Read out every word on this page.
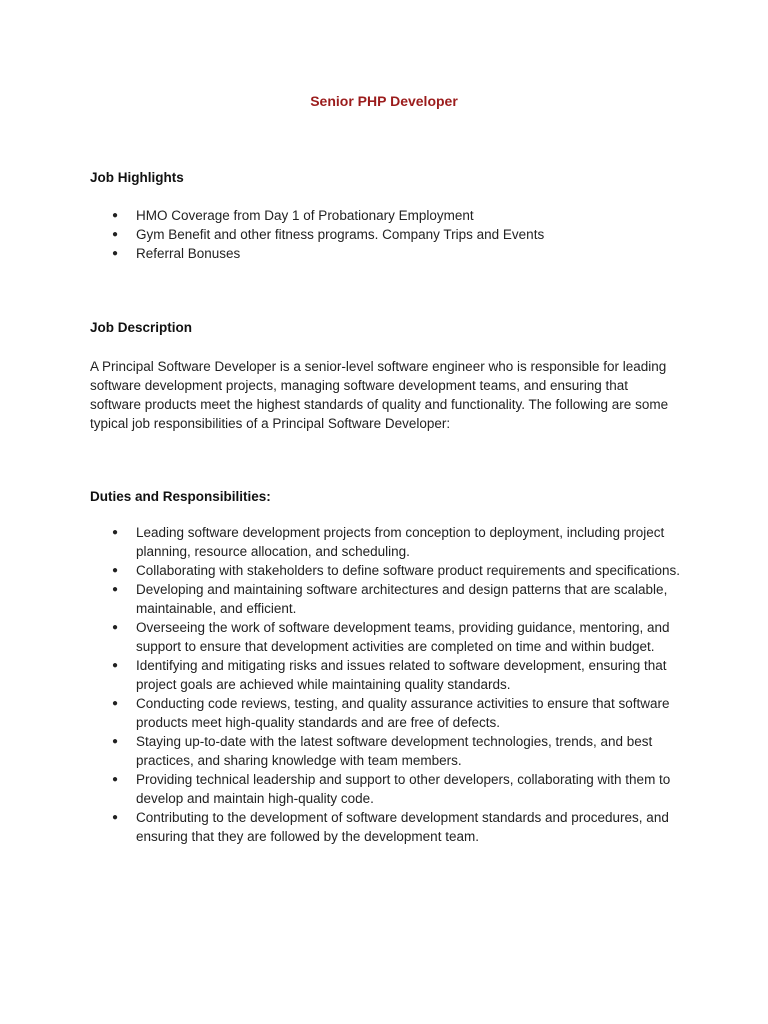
Senior PHP Developer
Job Highlights
● HMO Coverage from Day 1 of Probationary Employment
● Gym Benefit and other fitness programs. Company Trips and Events
● Referral Bonuses
Job Description

A Principal Software Developer is a senior-level software engineer who is responsible for leading software development projects, managing software development teams, and ensuring that software products meet the highest standards of quality and functionality. The following are some typical job responsibilities of a Principal Software Developer:

Duties and Responsibilities:
● Leading software development projects from conception to deployment, including project planning, resource allocation, and scheduling.
● Collaborating with stakeholders to define software product requirements and specifications.
● Developing and maintaining software architectures and design patterns that are scalable, maintainable, and efficient.
● Overseeing the work of software development teams, providing guidance, mentoring, and support to ensure that development activities are completed on time and within budget.
● Identifying and mitigating risks and issues related to software development, ensuring that project goals are achieved while maintaining quality standards.
● Conducting code reviews, testing, and quality assurance activities to ensure that software products meet high-quality standards and are free of defects.
● Staying up-to-date with the latest software development technologies, trends, and best practices, and sharing knowledge with team members.
● Providing technical leadership and support to other developers, collaborating with them to develop and maintain high-quality code.
● Contributing to the development of software development standards and procedures, and ensuring that they are followed by the development team.
